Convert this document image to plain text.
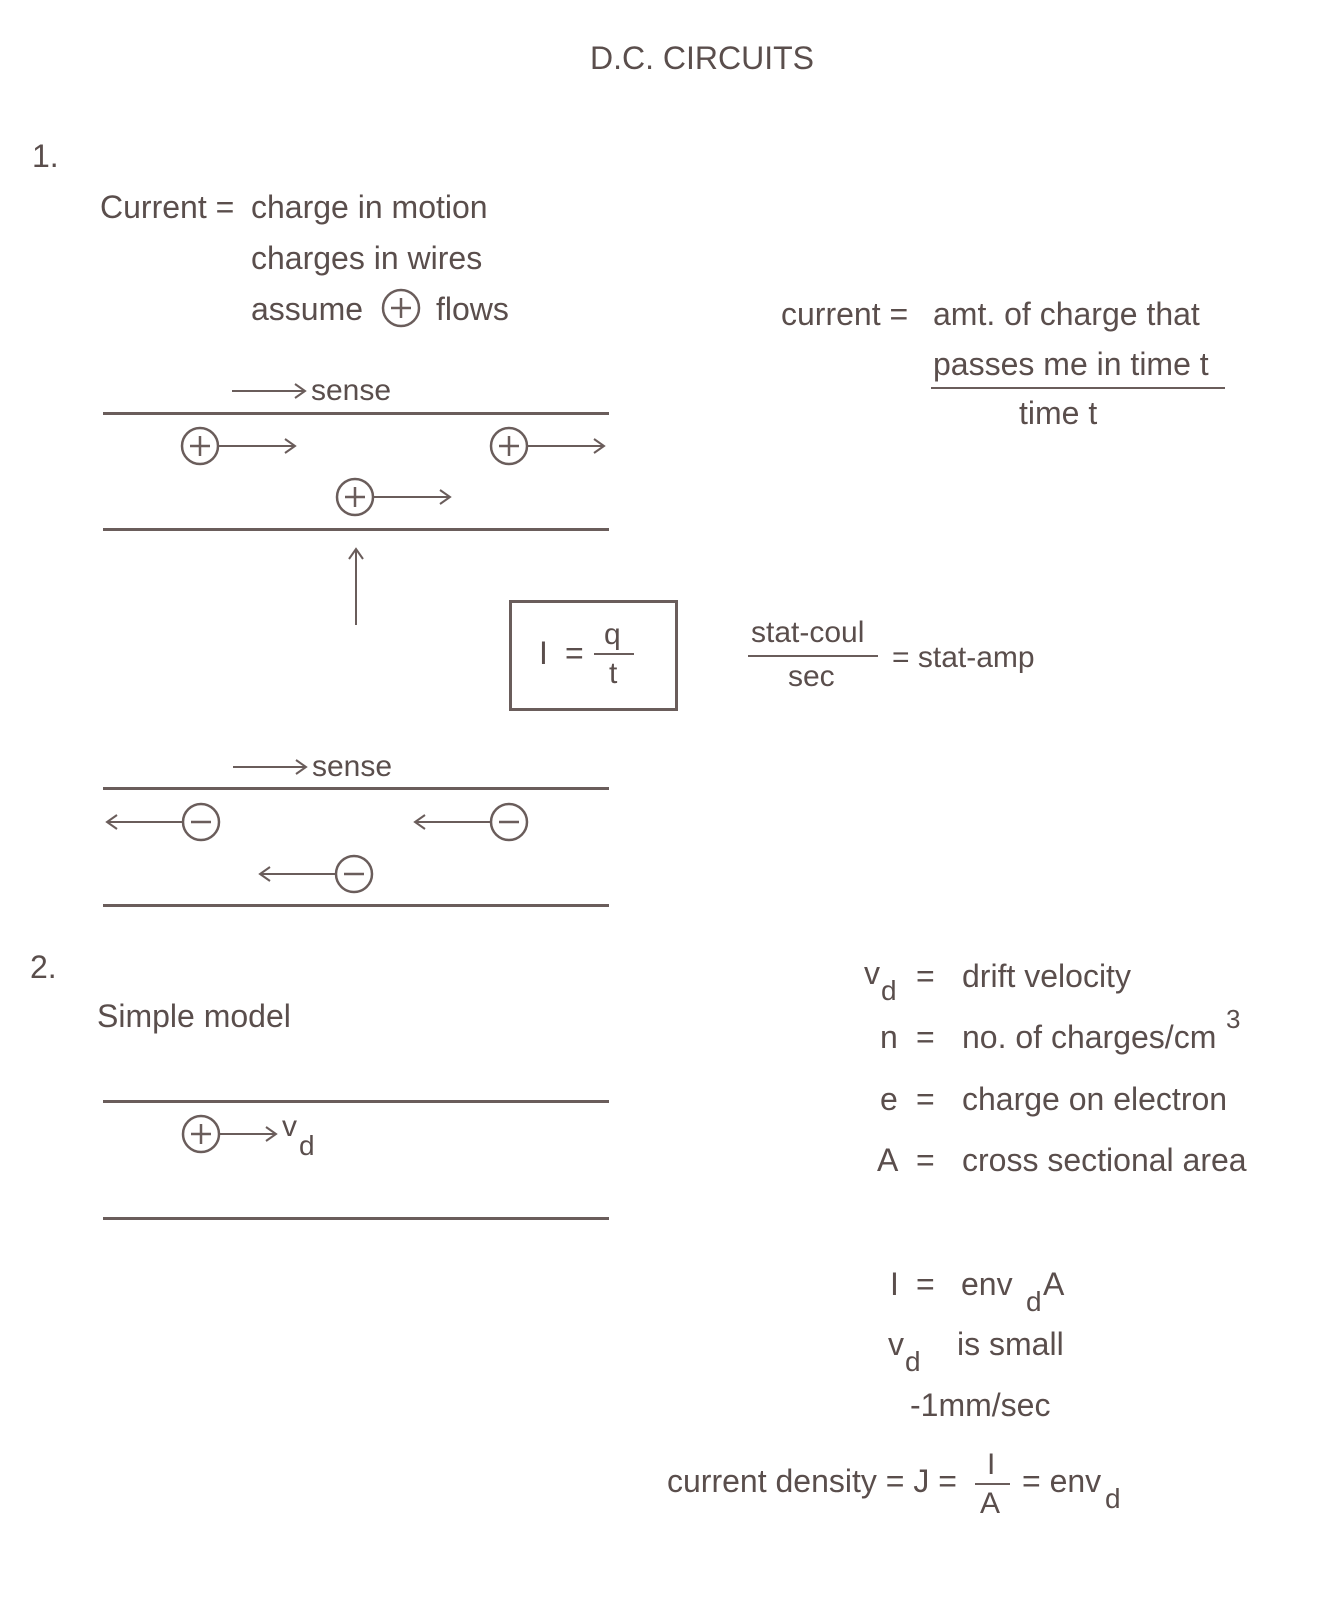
D.C. CIRCUITS
1.
Current = charge in motion
charges in wires
assume flows
sense
sense
I =
q
t
stat-coul
sec
= stat-amp
current = amt. of charge that
passes me in time t
time t
2.
Simple model
v
d
v d = drift velocity
n = no. of charges/cm 3
e = charge on electron
A = cross sectional area
I = env d A
v d is small
-1mm/sec
current density = J = I
A
= env d
